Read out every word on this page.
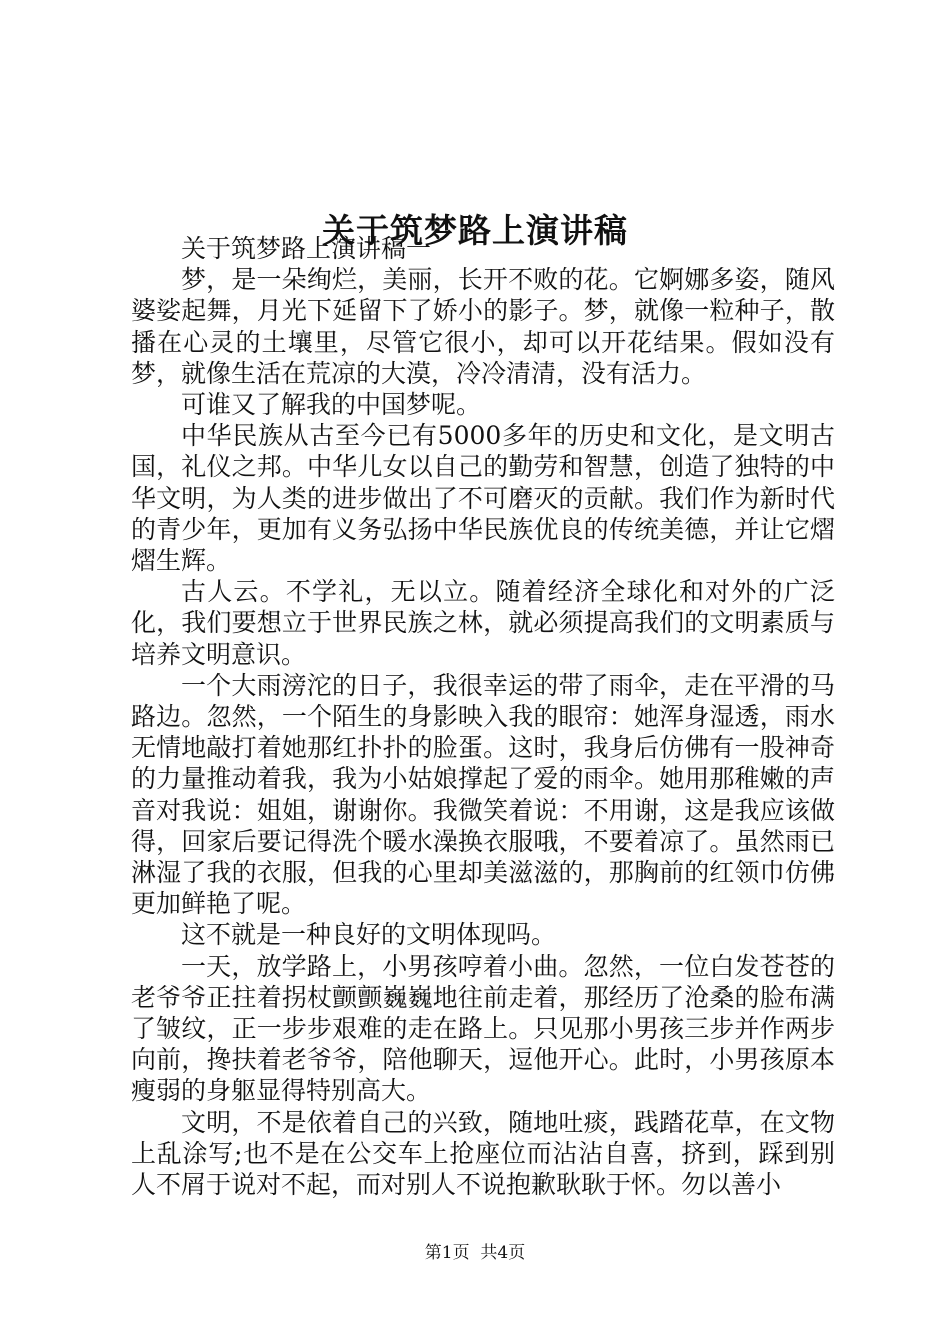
关于筑梦路上演讲稿

关于筑梦路上演讲稿一

梦，是一朵绚烂，美丽，长开不败的花。它婀娜多姿，随风婆娑起舞，月光下延留下了娇小的影子。梦，就像一粒种子，散播在心灵的土壤里，尽管它很小，却可以开花结果。假如没有梦，就像生活在荒凉的大漠，冷冷清清，没有活力。

可谁又了解我的中国梦呢。

中华民族从古至今已有5000多年的历史和文化，是文明古国，礼仪之邦。中华儿女以自己的勤劳和智慧，创造了独特的中华文明，为人类的进步做出了不可磨灭的贡献。我们作为新时代的青少年，更加有义务弘扬中华民族优良的传统美德，并让它熠熠生辉。

古人云。不学礼，无以立。随着经济全球化和对外的广泛化，我们要想立于世界民族之林，就必须提高我们的文明素质与培养文明意识。

一个大雨滂沱的日子，我很幸运的带了雨伞，走在平滑的马路边。忽然，一个陌生的身影映入我的眼帘：她浑身湿透，雨水无情地敲打着她那红扑扑的脸蛋。这时，我身后仿佛有一股神奇的力量推动着我，我为小姑娘撑起了爱的雨伞。她用那稚嫩的声音对我说：姐姐，谢谢你。我微笑着说：不用谢，这是我应该做得，回家后要记得洗个暖水澡换衣服哦，不要着凉了。虽然雨已淋湿了我的衣服，但我的心里却美滋滋的，那胸前的红领巾仿佛更加鲜艳了呢。

这不就是一种良好的文明体现吗。

一天，放学路上，小男孩哼着小曲。忽然，一位白发苍苍的老爷爷正拄着拐杖颤颤巍巍地往前走着，那经历了沧桑的脸布满了皱纹，正一步步艰难的走在路上。只见那小男孩三步并作两步向前，搀扶着老爷爷，陪他聊天，逗他开心。此时，小男孩原本瘦弱的身躯显得特别高大。

文明，不是依着自己的兴致，随地吐痰，践踏花草，在文物上乱涂写;也不是在公交车上抢座位而沾沾自喜，挤到，踩到别人不屑于说对不起，而对别人不说抱歉耿耿于怀。勿以善小

第1页 共4页
